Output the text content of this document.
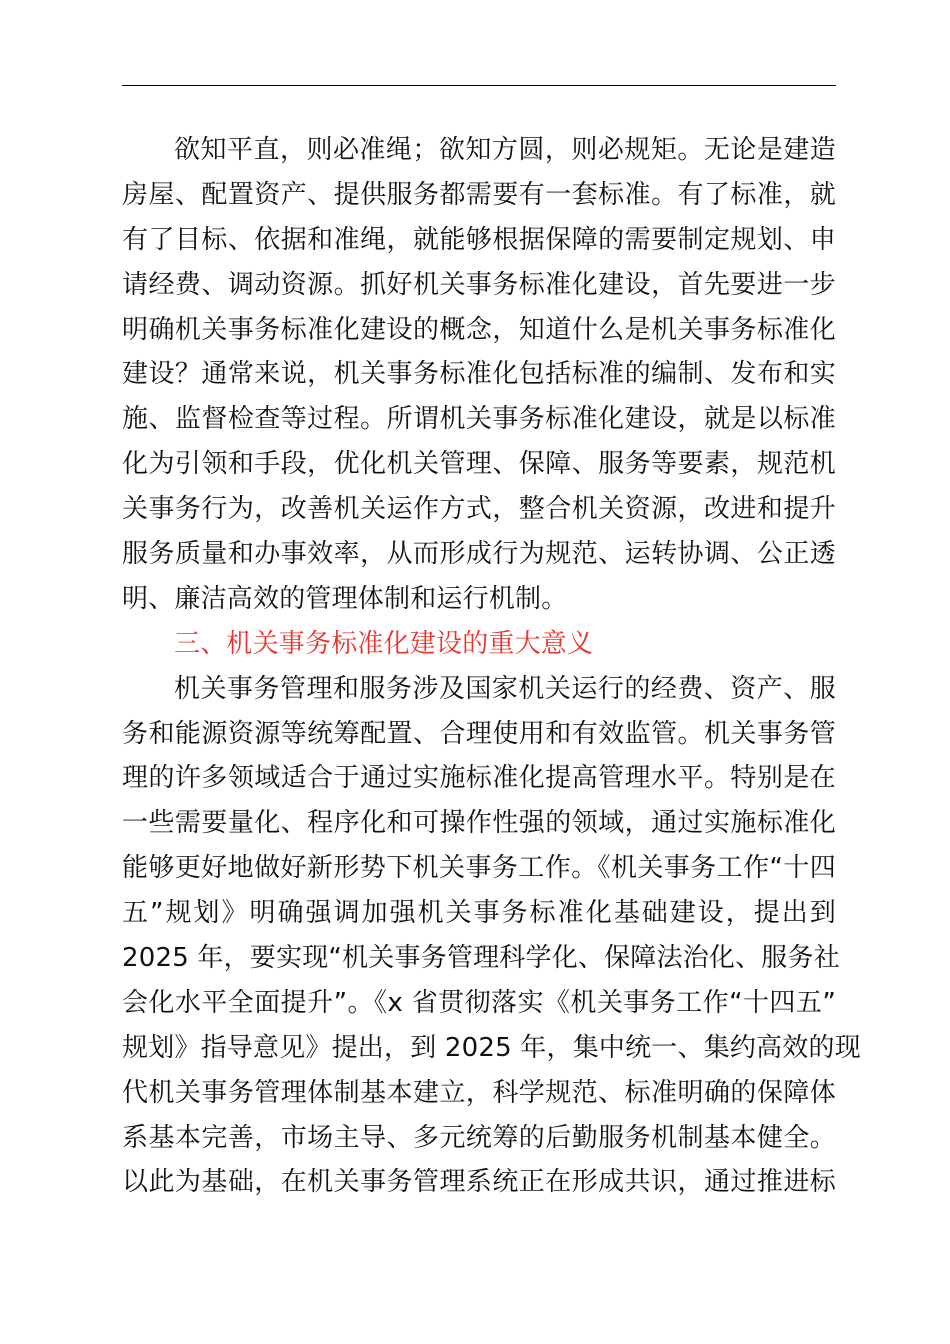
欲知平直，则必准绳；欲知方圆，则必规矩。无论是建造
房屋、配置资产、提供服务都需要有一套标准。有了标准，就
有了目标、依据和准绳，就能够根据保障的需要制定规划、申
请经费、调动资源。抓好机关事务标准化建设，首先要进一步
明确机关事务标准化建设的概念，知道什么是机关事务标准化
建设？通常来说，机关事务标准化包括标准的编制、发布和实
施、监督检查等过程。所谓机关事务标准化建设，就是以标准
化为引领和手段，优化机关管理、保障、服务等要素，规范机
关事务行为，改善机关运作方式，整合机关资源，改进和提升
服务质量和办事效率，从而形成行为规范、运转协调、公正透
明、廉洁高效的管理体制和运行机制。
三、机关事务标准化建设的重大意义
机关事务管理和服务涉及国家机关运行的经费、资产、服
务和能源资源等统筹配置、合理使用和有效监管。机关事务管
理的许多领域适合于通过实施标准化提高管理水平。特别是在
一些需要量化、程序化和可操作性强的领域，通过实施标准化
能够更好地做好新形势下机关事务工作。《机关事务工作“十四
五”规划》明确强调加强机关事务标准化基础建设，提出到
2025 年，要实现“机关事务管理科学化、保障法治化、服务社
会化水平全面提升”。《x 省贯彻落实《机关事务工作“十四五”
规划》指导意见》提出，到 2025 年，集中统一、集约高效的现
代机关事务管理体制基本建立，科学规范、标准明确的保障体
系基本完善，市场主导、多元统筹的后勤服务机制基本健全。
以此为基础，在机关事务管理系统正在形成共识，通过推进标
